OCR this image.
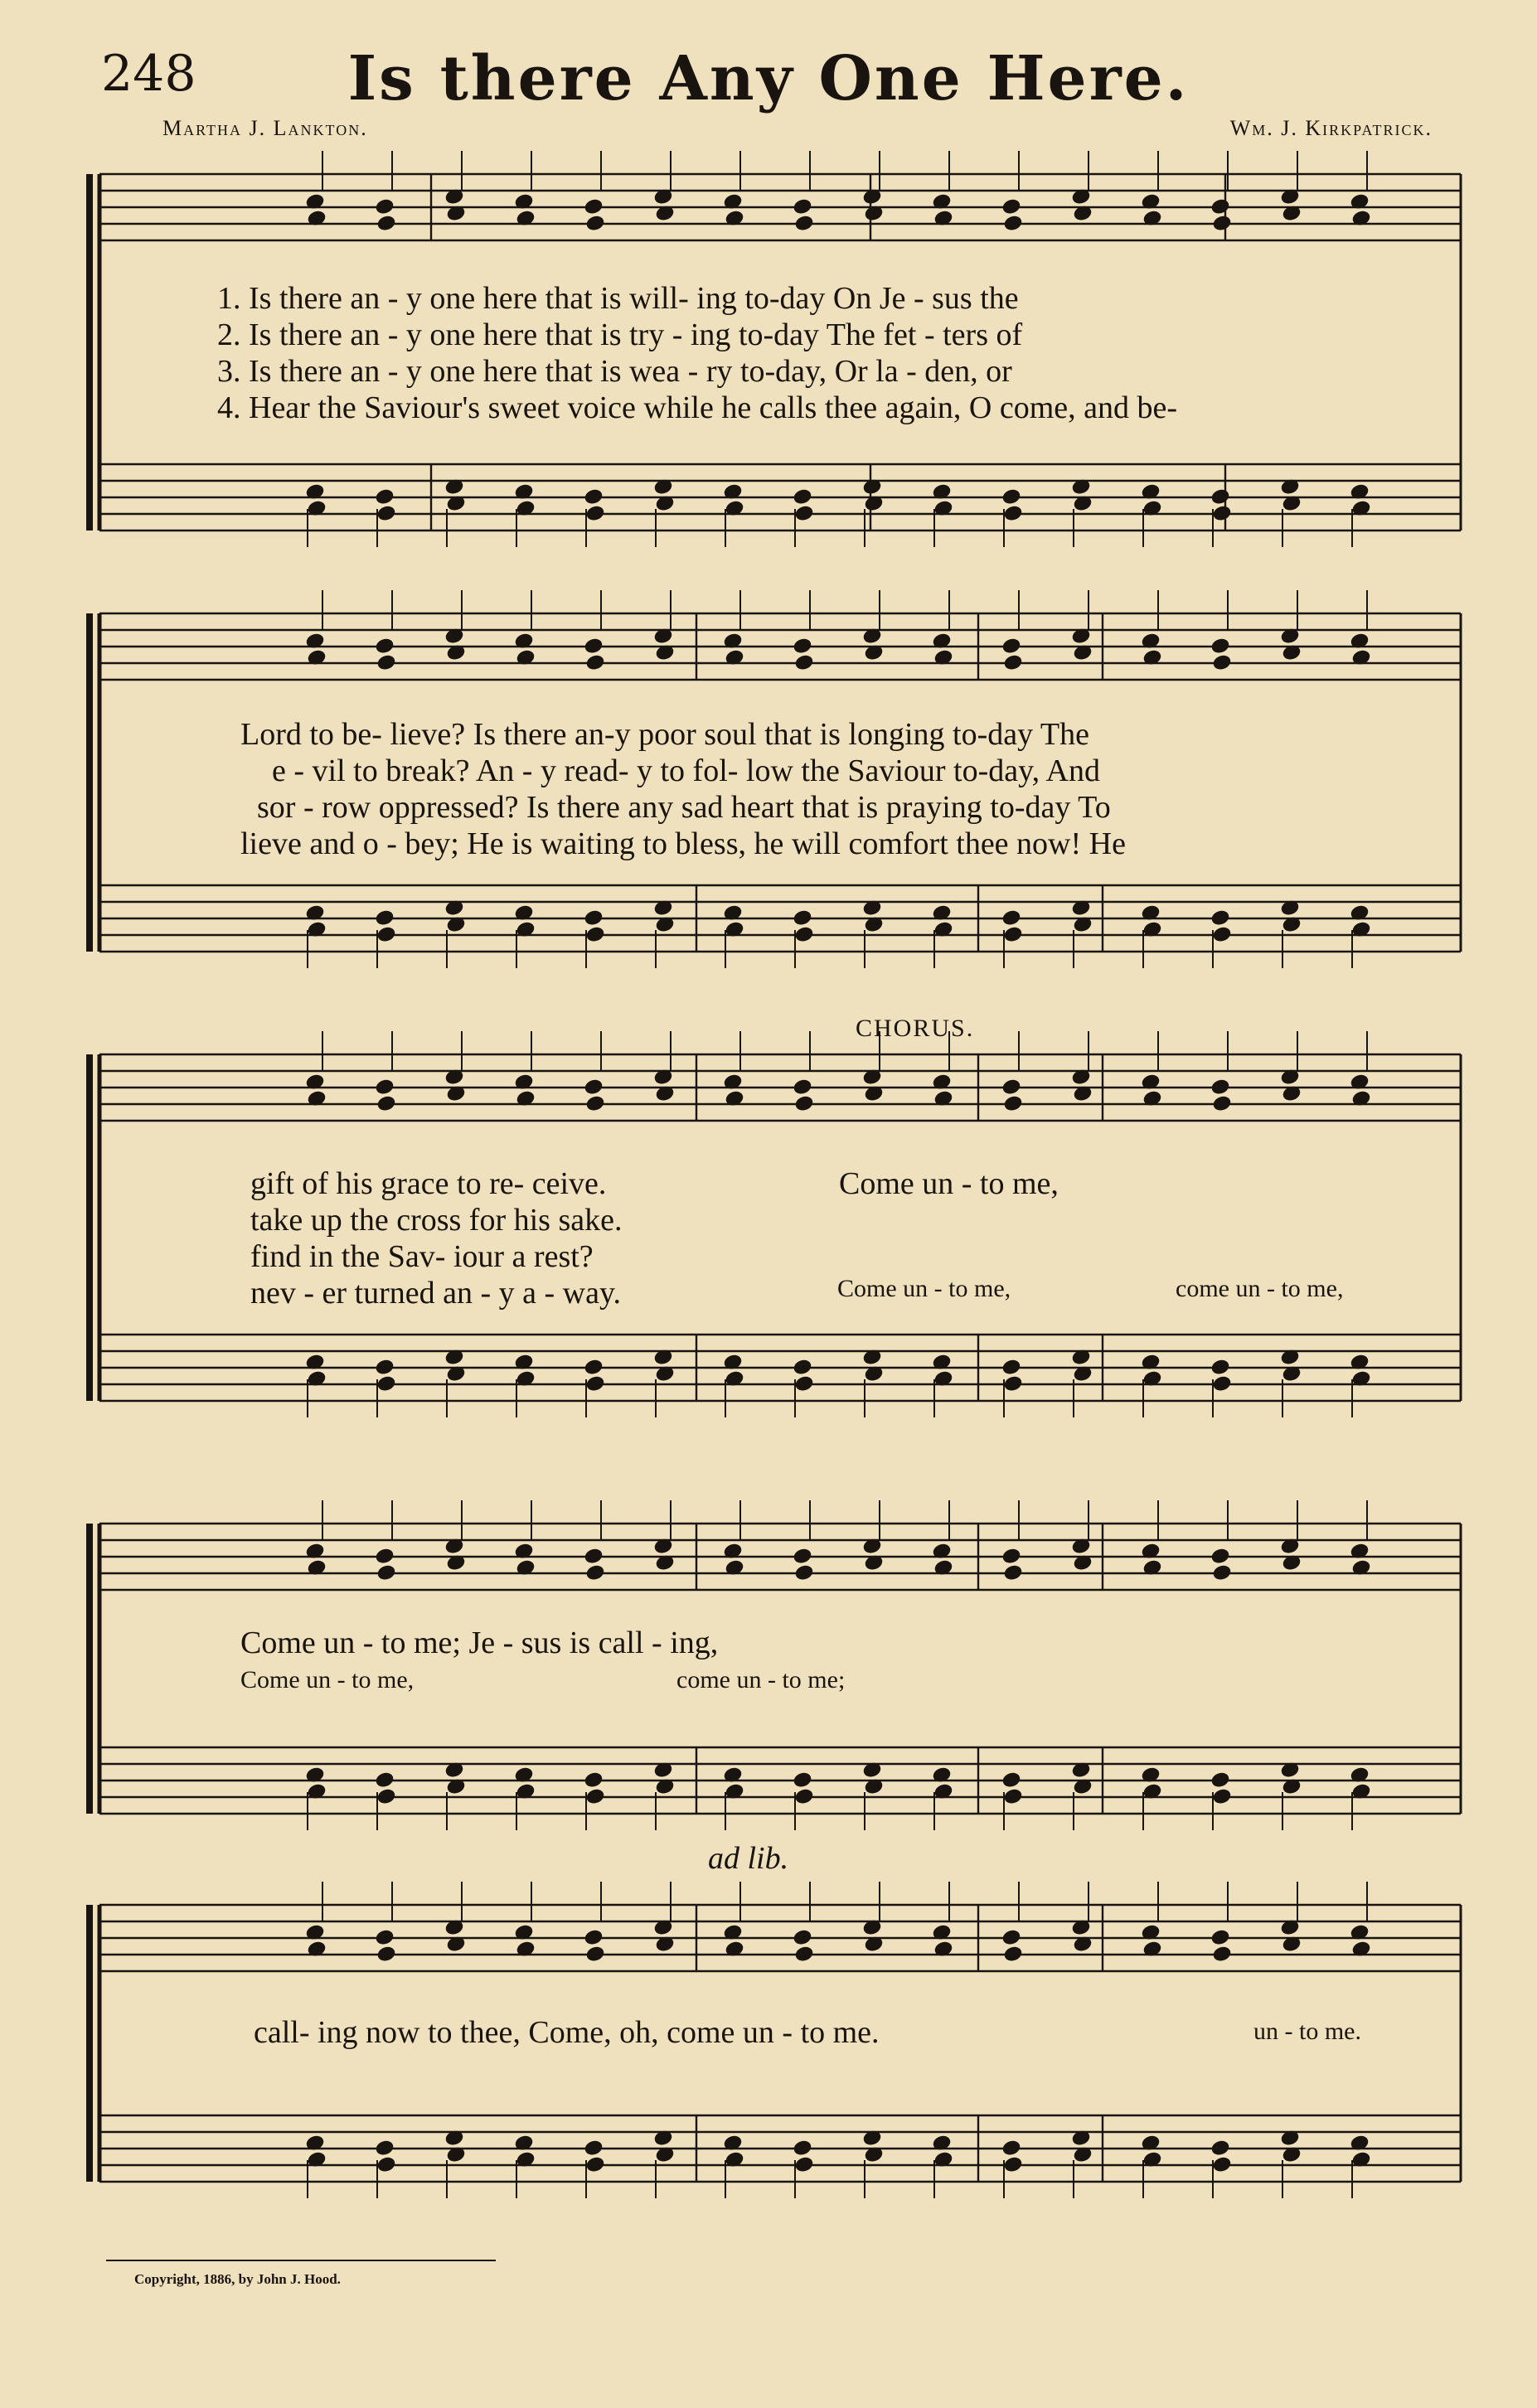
248	Is there Any One Here.
Martha J. Lankton.	Wm. J. Kirkpatrick.
1. Is there an - y one here that is will- ing to-day On Je - sus the
2. Is there an - y one here that is try - ing to-day The fet - ters of
3. Is there an - y one here that is wea - ry to-day, Or la - den, or
4. Hear the Saviour's sweet voice while he calls thee again, O come, and be-
Lord to be- lieve? Is there an-y poor soul that is longing to-day The
e - vil to break? An - y read- y to fol- low the Saviour to-day, And
sor - row oppressed? Is there any sad heart that is praying to-day To
lieve and o - bey; He is waiting to bless, he will comfort thee now! He
CHORUS.
gift of his grace to re- ceive.
take up the cross for his sake.
find in the Sav- iour a rest?
nev - er turned an - y a - way.
Come un - to me,
Come un - to me,	come un - to me,
Come un - to me; Je - sus is call - ing,
Come un - to me,	come un - to me;
ad lib.
call- ing now to thee, Come, oh, come un - to me.	un - to me.
Copyright, 1886, by John J. Hood.
